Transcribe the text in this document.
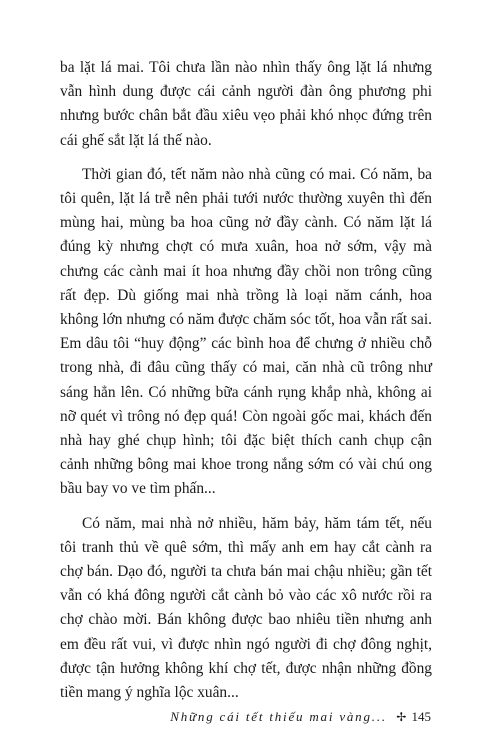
ba lặt lá mai. Tôi chưa lần nào nhìn thấy ông lặt lá nhưng vẫn hình dung được cái cảnh người đàn ông phương phi nhưng bước chân bắt đầu xiêu vẹo phải khó nhọc đứng trên cái ghế sắt lặt lá thế nào.

Thời gian đó, tết năm nào nhà cũng có mai. Có năm, ba tôi quên, lặt lá trễ nên phải tưới nước thường xuyên thì đến mùng hai, mùng ba hoa cũng nở đầy cành. Có năm lặt lá đúng kỳ nhưng chợt có mưa xuân, hoa nở sớm, vậy mà chưng các cành mai ít hoa nhưng đầy chồi non trông cũng rất đẹp. Dù giống mai nhà trồng là loại năm cánh, hoa không lớn nhưng có năm được chăm sóc tốt, hoa vẫn rất sai. Em dâu tôi “huy động” các bình hoa để chưng ở nhiều chỗ trong nhà, đi đâu cũng thấy có mai, căn nhà cũ trông như sáng hẳn lên. Có những bữa cánh rụng khắp nhà, không ai nỡ quét vì trông nó đẹp quá! Còn ngoài gốc mai, khách đến nhà hay ghé chụp hình; tôi đặc biệt thích canh chụp cận cảnh những bông mai khoe trong nắng sớm có vài chú ong bầu bay vo ve tìm phấn...

Có năm, mai nhà nở nhiều, hăm bảy, hăm tám tết, nếu tôi tranh thủ về quê sớm, thì mấy anh em hay cắt cành ra chợ bán. Dạo đó, người ta chưa bán mai chậu nhiều; gần tết vẫn có khá đông người cắt cành bỏ vào các xô nước rồi ra chợ chào mời. Bán không được bao nhiêu tiền nhưng anh em đều rất vui, vì được nhìn ngó người đi chợ đông nghịt, được tận hưởng không khí chợ tết, được nhận những đồng tiền mang ý nghĩa lộc xuân...

Những cái tết thiếu mai vàng... ✢ 145
